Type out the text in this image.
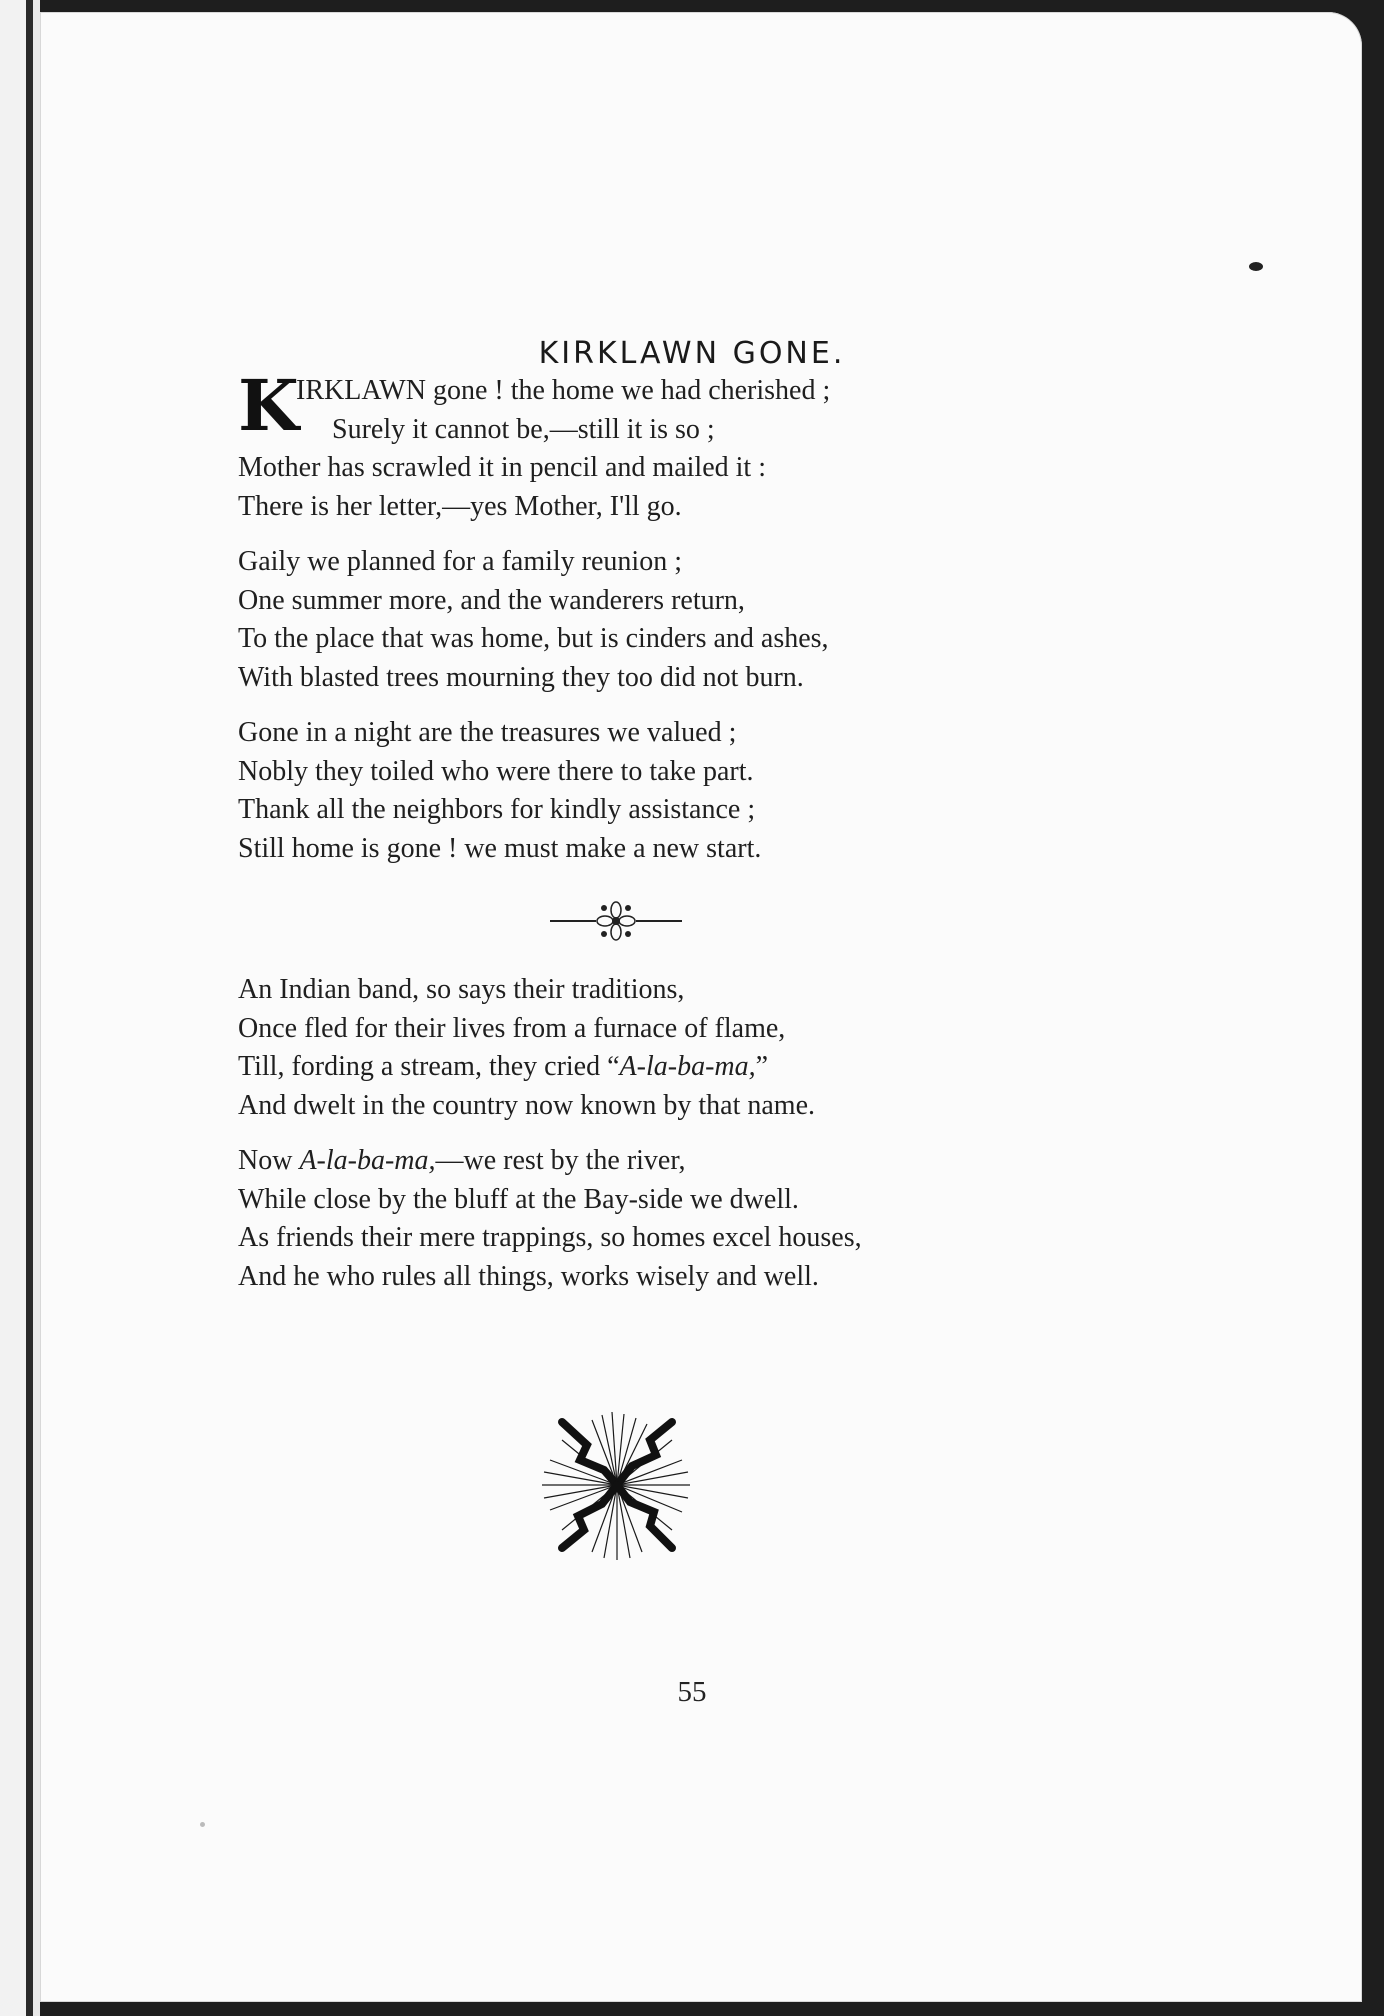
KIRKLAWN GONE.
K
IRKLAWN gone ! the home we had cherished ;
Surely it cannot be,—still it is so ;
Mother has scrawled it in pencil and mailed it :
There is her letter,—yes Mother, I'll go.
Gaily we planned for a family reunion ;
One summer more, and the wanderers return,
To the place that was home, but is cinders and ashes,
With blasted trees mourning they too did not burn.
Gone in a night are the treasures we valued ;
Nobly they toiled who were there to take part.
Thank all the neighbors for kindly assistance ;
Still home is gone ! we must make a new start.
An Indian band, so says their traditions,
Once fled for their lives from a furnace of flame,
Till, fording a stream, they cried “A-la-ba-ma,”
And dwelt in the country now known by that name.
Now A-la-ba-ma,—we rest by the river,
While close by the bluff at the Bay-side we dwell.
As friends their mere trappings, so homes excel houses,
And he who rules all things, works wisely and well.
55
